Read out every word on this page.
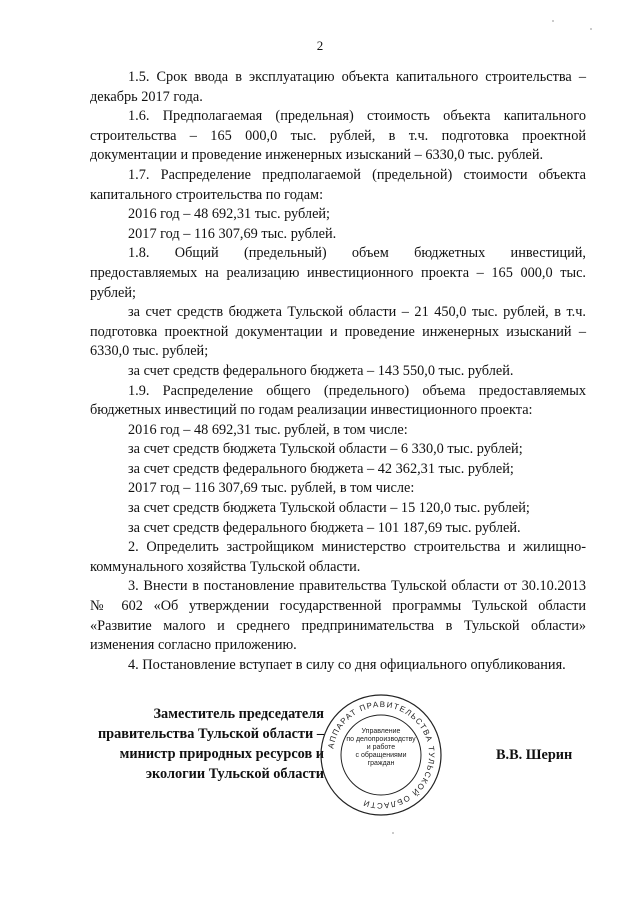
2

1.5. Срок ввода в эксплуатацию объекта капитального строительства – декабрь 2017 года.

1.6. Предполагаемая (предельная) стоимость объекта капитального строительства – 165 000,0 тыс. рублей, в т.ч. подготовка проектной документации и проведение инженерных изысканий – 6330,0 тыс. рублей.

1.7. Распределение предполагаемой (предельной) стоимости объекта капитального строительства по годам:

2016 год – 48 692,31 тыс. рублей;

2017 год – 116 307,69 тыс. рублей.

1.8. Общий (предельный) объем бюджетных инвестиций, предоставляемых на реализацию инвестиционного проекта – 165 000,0 тыс. рублей;

за счет средств бюджета Тульской области – 21 450,0 тыс. рублей, в т.ч. подготовка проектной документации и проведение инженерных изысканий – 6330,0 тыс. рублей;

за счет средств федерального бюджета – 143 550,0 тыс. рублей.

1.9. Распределение общего (предельного) объема предоставляемых бюджетных инвестиций по годам реализации инвестиционного проекта:

2016 год – 48 692,31 тыс. рублей, в том числе:

за счет средств бюджета Тульской области – 6 330,0 тыс. рублей;

за счет средств федерального бюджета – 42 362,31 тыс. рублей;

2017 год – 116 307,69 тыс. рублей, в том числе:

за счет средств бюджета Тульской области – 15 120,0 тыс. рублей;

за счет средств федерального бюджета – 101 187,69 тыс. рублей.

2. Определить застройщиком министерство строительства и жилищно-коммунального хозяйства Тульской области.

3. Внести в постановление правительства Тульской области от 30.10.2013 № 602 «Об утверждении государственной программы Тульской области «Развитие малого и среднего предпринимательства в Тульской области» изменения согласно приложению.

4. Постановление вступает в силу со дня официального опубликования.

Заместитель председателя
правительства Тульской области –
министр природных ресурсов и
экологии Тульской области
АППАРАТ ПРАВИТЕЛЬСТВА ТУЛЬСКОЙ ОБЛАСТИ
Управление
по делопроизводству
и работе
с обращениями
граждан
В.В. Шерин
